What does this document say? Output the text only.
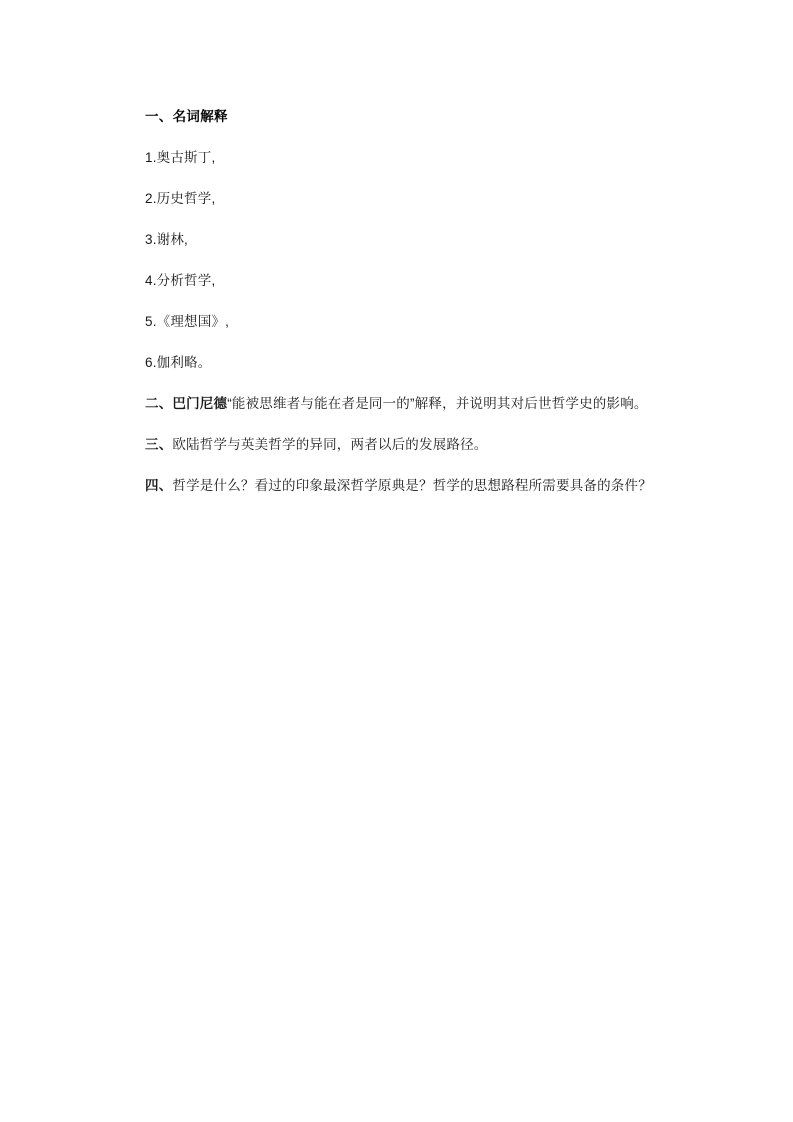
一、名词解释

1.奥古斯丁,

2.历史哲学,

3.谢林,

4.分析哲学,

5.《理想国》,

6.伽利略。

二、巴门尼德“能被思维者与能在者是同一的”解释，并说明其对后世哲学史的影响。

三、欧陆哲学与英美哲学的异同，两者以后的发展路径。

四、哲学是什么？看过的印象最深哲学原典是？哲学的思想路程所需要具备的条件？
